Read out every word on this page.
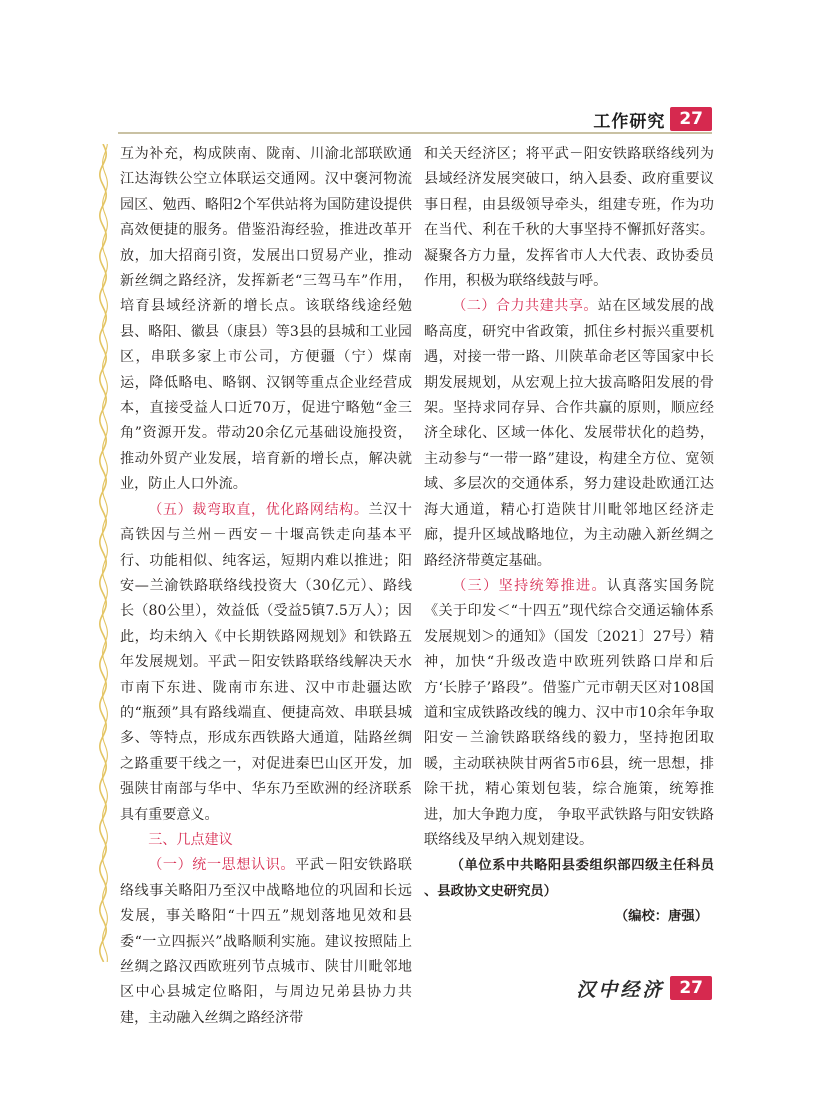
工作研究 27

互为补充，构成陕南、陇南、川渝北部联欧通江达海铁公空立体联运交通网。汉中褒河物流园区、勉西、略阳2个军供站将为国防建设提供高效便捷的服务。借鉴沿海经验，推进改革开放，加大招商引资，发展出口贸易产业，推动新丝绸之路经济，发挥新老“三驾马车”作用，培育县域经济新的增长点。该联络线途经勉县、略阳、徽县（康县）等3县的县城和工业园区，串联多家上市公司，方便疆（宁）煤南运，降低略电、略钢、汉钢等重点企业经营成本，直接受益人口近70万，促进宁略勉“金三角”资源开发。带动20余亿元基础设施投资，推动外贸产业发展，培育新的增长点，解决就业，防止人口外流。

（五）裁弯取直，优化路网结构。兰汉十高铁因与兰州－西安－十堰高铁走向基本平行、功能相似、纯客运，短期内难以推进；阳安—兰渝铁路联络线投资大（30亿元）、路线长（80公里），效益低（受益5镇7.5万人）；因此，均未纳入《中长期铁路网规划》和铁路五年发展规划。平武－阳安铁路联络线解决天水市南下东进、陇南市东进、汉中市赴疆达欧的“瓶颈”具有路线端直、便捷高效、串联县城多、等特点，形成东西铁路大通道，陆路丝绸之路重要干线之一，对促进秦巴山区开发，加强陕甘南部与华中、华东乃至欧洲的经济联系具有重要意义。

三、几点建议

（一）统一思想认识。平武－阳安铁路联络线事关略阳乃至汉中战略地位的巩固和长远发展，事关略阳“十四五”规划落地见效和县委“一立四振兴”战略顺利实施。建议按照陆上丝绸之路汉西欧班列节点城市、陕甘川毗邻地区中心县城定位略阳，与周边兄弟县协力共建，主动融入丝绸之路经济带

和关天经济区；将平武－阳安铁路联络线列为县域经济发展突破口，纳入县委、政府重要议事日程，由县级领导牵头，组建专班，作为功在当代、利在千秋的大事坚持不懈抓好落实。凝聚各方力量，发挥省市人大代表、政协委员作用，积极为联络线鼓与呼。

（二）合力共建共享。站在区域发展的战略高度，研究中省政策，抓住乡村振兴重要机遇，对接一带一路、川陕革命老区等国家中长期发展规划，从宏观上拉大拔高略阳发展的骨架。坚持求同存异、合作共赢的原则，顺应经济全球化、区域一体化、发展带状化的趋势，主动参与“一带一路”建设，构建全方位、宽领域、多层次的交通体系，努力建设赴欧通江达海大通道，精心打造陕甘川毗邻地区经济走廊，提升区域战略地位，为主动融入新丝绸之路经济带奠定基础。

（三）坚持统筹推进。认真落实国务院《关于印发＜“十四五”现代综合交通运输体系发展规划＞的通知》（国发〔2021〕27号）精神，加快“升级改造中欧班列铁路口岸和后方‘长脖子’路段”。借鉴广元市朝天区对108国道和宝成铁路改线的魄力、汉中市10余年争取阳安－兰渝铁路联络线的毅力，坚持抱团取暖，主动联袂陕甘两省5市6县，统一思想，排除干扰，精心策划包装，综合施策，统筹推进，加大争跑力度， 争取平武铁路与阳安铁路联络线及早纳入规划建设。

（单位系中共略阳县委组织部四级主任科员 、县政协文史研究员）

（编校：唐强）

汉中经济 27
